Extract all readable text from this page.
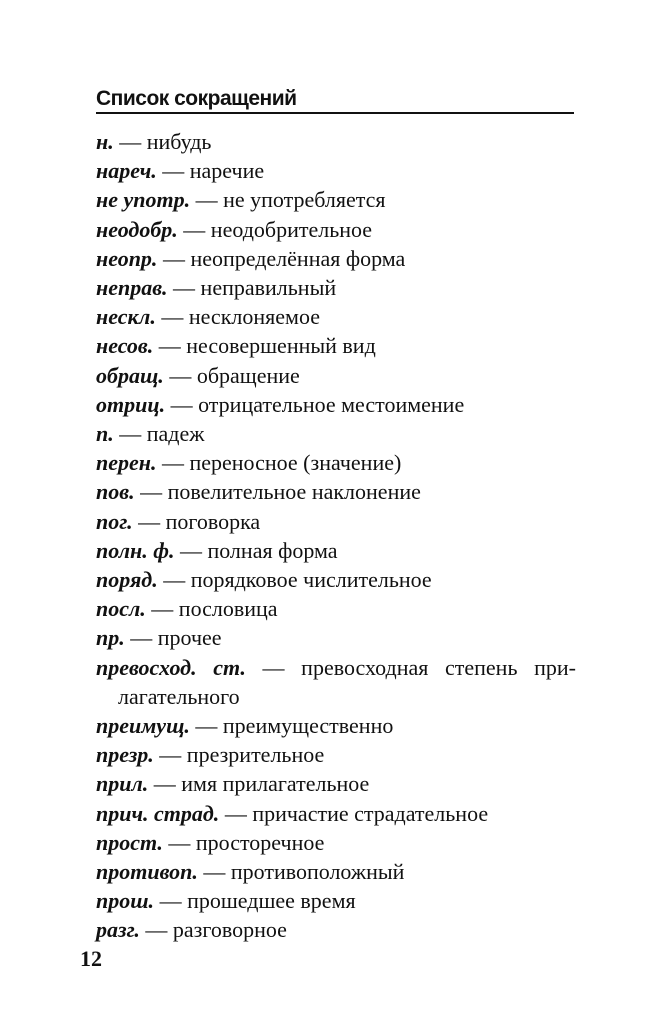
Список сокращений
н. — нибудь
нареч. — наречие
не употр. — не употребляется
неодобр. — неодобрительное
неопр. — неопределённая форма
неправ. — неправильный
нескл. — несклоняемое
несов. — несовершенный вид
обращ. — обращение
отриц. — отрицательное местоимение
п. — падеж
перен. — переносное (значение)
пов. — повелительное наклонение
пог. — поговорка
полн. ф. — полная форма
поряд. — порядковое числительное
посл. — пословица
пр. — прочее
превосход. ст. — превосходная степень при-​лагательного
преимущ. — преимущественно
презр. — презрительное
прил. — имя прилагательное
прич. страд. — причастие страдательное
прост. — просторечное
противоп. — противоположный
прош. — прошедшее время
разг. — разговорное
12
